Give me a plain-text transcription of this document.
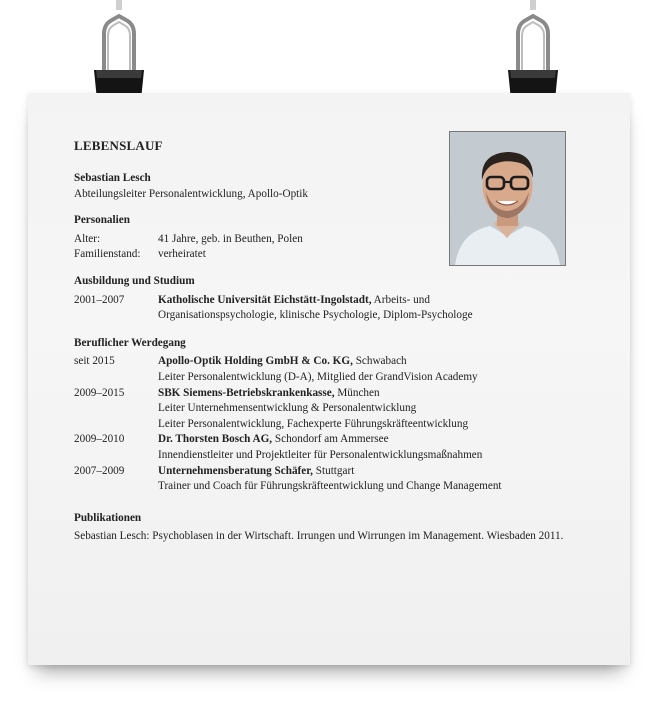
LEBENSLAUF
Sebastian Lesch
Abteilungsleiter Personalentwicklung, Apollo-Optik
Personalien
Alter:	41 Jahre, geb. in Beuthen, Polen
Familienstand:	verheiratet
Ausbildung und Studium
2001–2007	Katholische Universität Eichstätt-Ingolstadt, Arbeits- und
Organisationspsychologie, klinische Psychologie, Diplom-Psychologe
Beruflicher Werdegang
seit 2015	Apollo-Optik Holding GmbH & Co. KG, Schwabach
Leiter Personalentwicklung (D-A), Mitglied der GrandVision Academy
2009–2015	SBK Siemens-Betriebskrankenkasse, München
Leiter Unternehmensentwicklung & Personalentwicklung
Leiter Personalentwicklung, Fachexperte Führungskräfteentwicklung
2009–2010	Dr. Thorsten Bosch AG, Schondorf am Ammersee
Innendienstleiter und Projektleiter für Personalentwicklungsmaßnahmen
2007–2009	Unternehmensberatung Schäfer, Stuttgart
Trainer und Coach für Führungskräfteentwicklung und Change Management
Publikationen
Sebastian Lesch: Psychoblasen in der Wirtschaft. Irrungen und Wirrungen im Management. Wiesbaden 2011.
